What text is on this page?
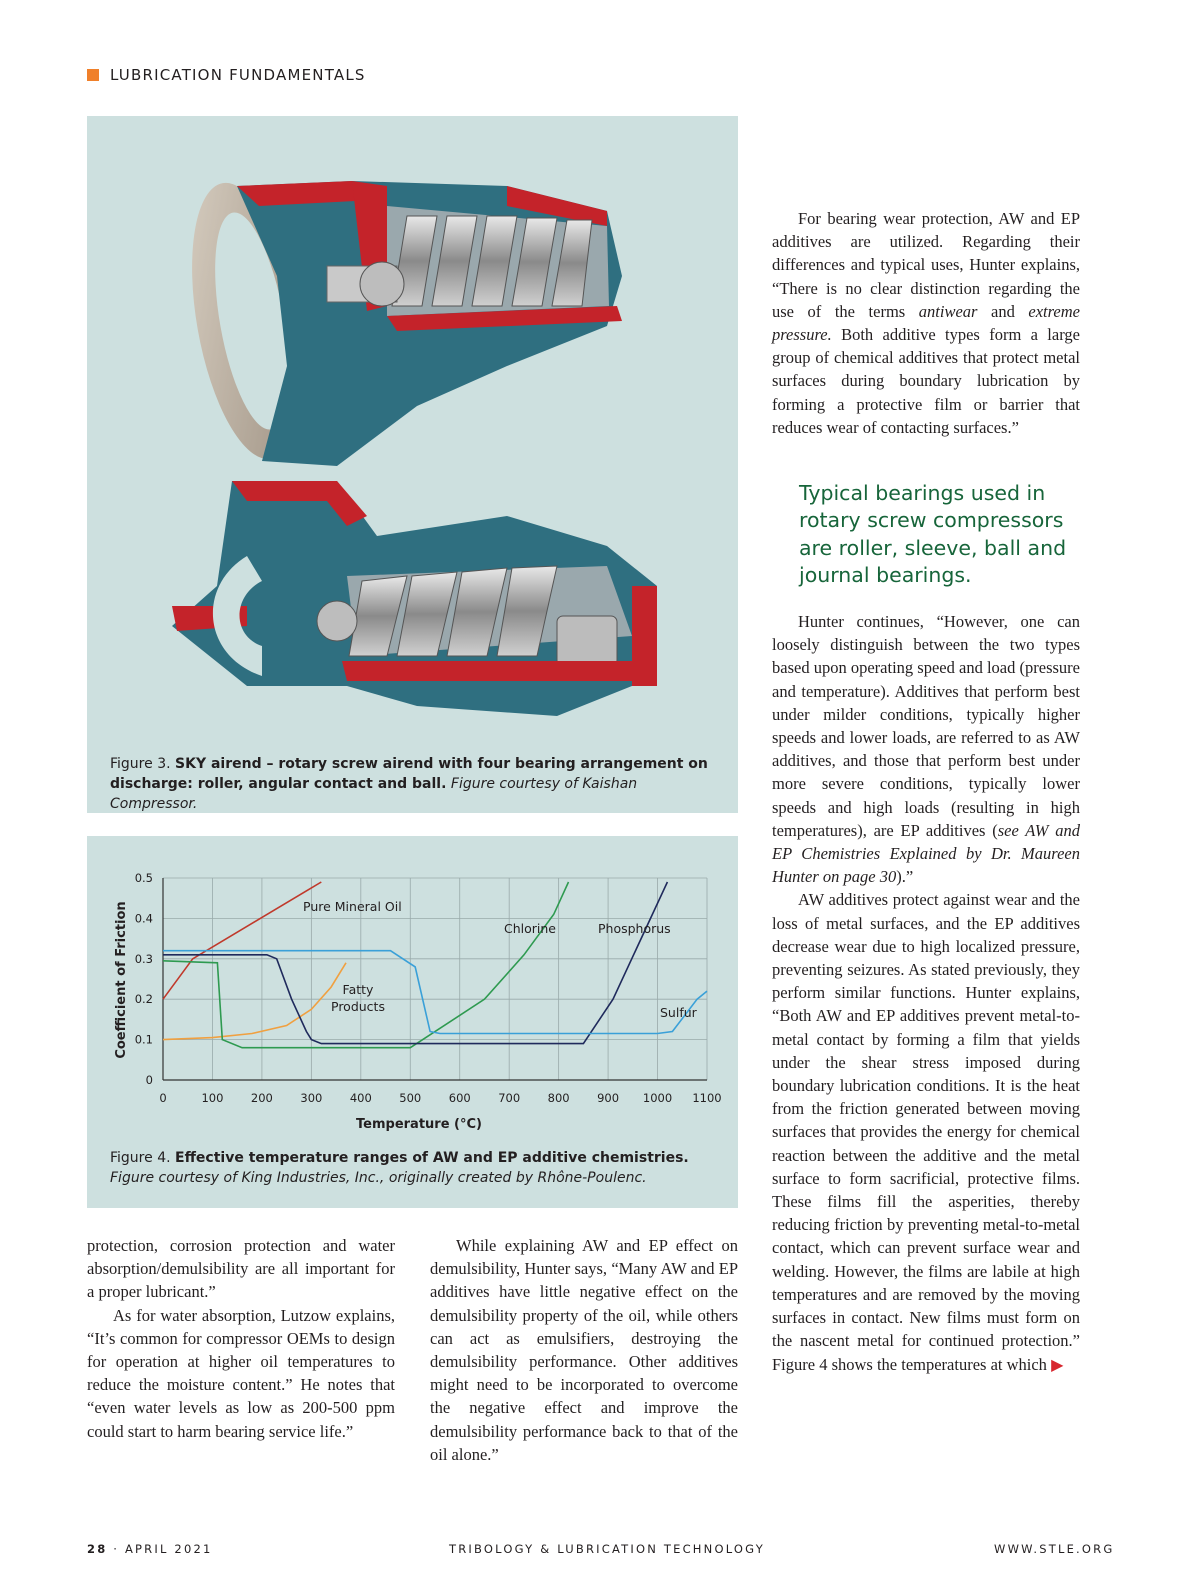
LUBRICATION FUNDAMENTALS
Figure 3. SKY airend – rotary screw airend with four bearing arrangement on discharge: roller, angular contact and ball. Figure courtesy of Kaishan Compressor.
0	100 200 300 400 500 600 700 800 900 1000 1100
0
0.1
0.2
0.3
0.4
0.5
Pure Mineral Oil
Fatty
Products
Chlorine	Phosphorus
Sulfur
Temperature (°C)
Coefficient of Friction
Figure 4. Effective temperature ranges of AW and EP additive chemistries. Figure courtesy of King Industries, Inc., originally created by Rhône-Poulenc.

protection, corrosion protection and water absorption/demulsibility are all important for a proper lubricant.”

As for water absorption, Lutzow explains, “It’s common for compressor OEMs to design for operation at higher oil temperatures to reduce the moisture content.” He notes that “even water levels as low as 200-500 ppm could start to harm bearing service life.”

While explaining AW and EP effect on demulsibility, Hunter says, “Many AW and EP additives have little negative effect on the demulsibility property of the oil, while others can act as emulsifiers, destroying the demulsibility performance. Other additives might need to be incorporated to overcome the negative effect and improve the demulsibility performance back to that of the oil alone.”

For bearing wear protection, AW and EP additives are utilized. Regarding their differences and typical uses, Hunter explains, “There is no clear distinction regarding the use of the terms antiwear and extreme pressure. Both additive types form a large group of chemical additives that protect metal surfaces during boundary lubrication by forming a protective film or barrier that reduces wear of contacting surfaces.”

Typical bearings used in rotary screw compressors are roller, sleeve, ball and journal bearings.

Hunter continues, “However, one can loosely distinguish between the two types based upon operating speed and load (pressure and temperature). Additives that perform best under milder conditions, typically higher speeds and lower loads, are referred to as AW additives, and those that perform best under more severe conditions, typically lower speeds and high loads (resulting in high temperatures), are EP additives (see AW and EP Chemistries Explained by Dr. Maureen Hunter on page 30).”

AW additives protect against wear and the loss of metal surfaces, and the EP additives decrease wear due to high localized pressure, preventing seizures. As stated previously, they perform similar functions. Hunter explains, “Both AW and EP additives prevent metal-to-metal contact by forming a film that yields under the shear stress imposed during boundary lubrication conditions. It is the heat from the friction generated between moving surfaces that provides the energy for chemical reaction between the additive and the metal surface to form sacrificial, protective films. These films fill the asperities, thereby reducing friction by preventing metal-to-metal contact, which can prevent surface wear and welding. However, the films are labile at high temperatures and are removed by the moving surfaces in contact. New films must form on the nascent metal for continued protection.” Figure 4 shows the temperatures at which ▶

28 · APRIL 2021	TRIBOLOGY & LUBRICATION TECHNOLOGY	WWW.STLE.ORG
